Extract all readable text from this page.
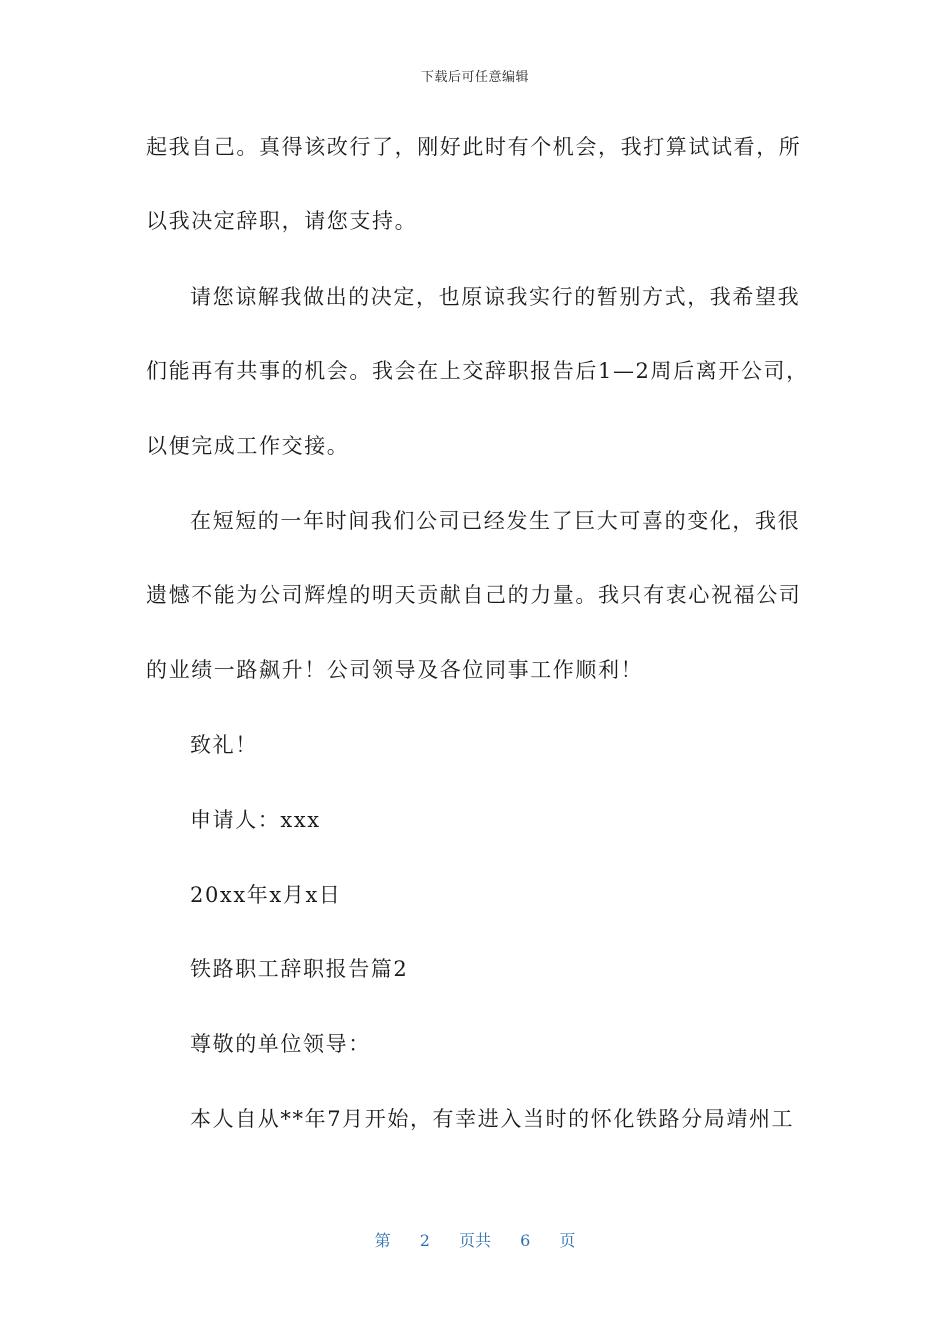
下载后可任意编辑
起我自己。真得该改行了，刚好此时有个机会，我打算试试看，所
以我决定辞职，请您支持。
请您谅解我做出的决定，也原谅我实行的暂别方式，我希望我
们能再有共事的机会。我会在上交辞职报告后1—2周后离开公司，
以便完成工作交接。
在短短的一年时间我们公司已经发生了巨大可喜的变化，我很
遗憾不能为公司辉煌的明天贡献自己的力量。我只有衷心祝福公司
的业绩一路飙升！公司领导及各位同事工作顺利！
致礼！
申请人：xxx
20xx年x月x日
铁路职工辞职报告篇2
尊敬的单位领导：
本人自从**年7月开始，有幸进入当时的怀化铁路分局靖州工
第 2 页共 6 页
